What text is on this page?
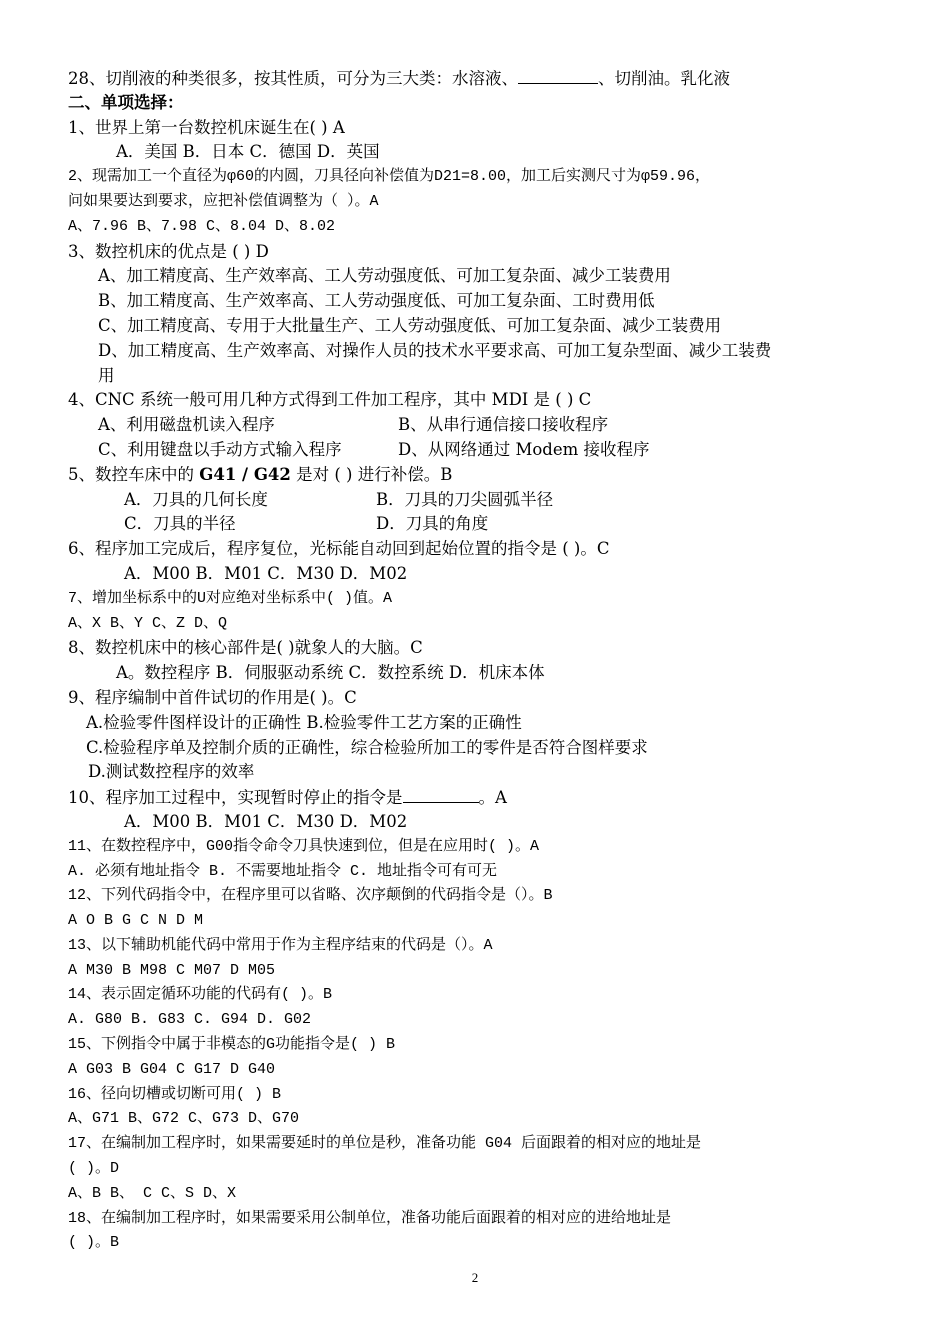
28、切削液的种类很多，按其性质，可分为三大类：水溶液、	、切削油。乳化液
二、单项选择：
1、世界上第一台数控机床诞生在( ) A
A．美国 B．日本 C．德国 D．英国
2、现需加工一个直径为φ60的内圆，刀具径向补偿值为D21=8.00，加工后实测尺寸为φ59.96，
问如果要达到要求，应把补偿值调整为（ ）。A
A、7.96 B、7.98 C、8.04 D、8.02
3、数控机床的优点是 ( ) D
A、加工精度高、生产效率高、工人劳动强度低、可加工复杂面、减少工装费用
B、加工精度高、生产效率高、工人劳动强度低、可加工复杂面、工时费用低
C、加工精度高、专用于大批量生产、工人劳动强度低、可加工复杂面、减少工装费用
D、加工精度高、生产效率高、对操作人员的技术水平要求高、可加工复杂型面、减少工装费
用
4、CNC 系统一般可用几种方式得到工件加工程序，其中 MDI 是 ( ) C
A、利用磁盘机读入程序	B、从串行通信接口接收程序
C、利用键盘以手动方式输入程序	D、从网络通过 Modem 接收程序
5、数控车床中的 G41 / G42 是对 ( ) 进行补偿。B
A．刀具的几何长度	B．刀具的刀尖圆弧半径
C．刀具的半径	D．刀具的角度
6、程序加工完成后，程序复位，光标能自动回到起始位置的指令是 ( )。C
A．M00 B．M01 C．M30 D．M02
7、增加坐标系中的U对应绝对坐标系中( )值。A
A、X B、Y C、Z D、Q
8、数控机床中的核心部件是( )就象人的大脑。C
A。数控程序 B．伺服驱动系统 C．数控系统 D．机床本体
9、程序编制中首件试切的作用是( )。C
A.检验零件图样设计的正确性 B.检验零件工艺方案的正确性
C.检验程序单及控制介质的正确性，综合检验所加工的零件是否符合图样要求
D.测试数控程序的效率
10、程序加工过程中，实现暂时停止的指令是	。A
A．M00 B．M01 C．M30 D．M02
11、在数控程序中，G00指令命令刀具快速到位，但是在应用时( )。A
A. 必须有地址指令 B. 不需要地址指令 C. 地址指令可有可无
12、下列代码指令中，在程序里可以省略、次序颠倒的代码指令是（）。B
A O B G C N D M
13、以下辅助机能代码中常用于作为主程序结束的代码是（）。A
A M30 B M98 C M07 D M05
14、表示固定循环功能的代码有( )。B
A. G80 B. G83 C. G94 D. G02
15、下例指令中属于非模态的G功能指令是( ) B
A G03 B G04 C G17 D G40
16、径向切槽或切断可用( ) B
A、G71 B、G72 C、G73 D、G70
17、在编制加工程序时，如果需要延时的单位是秒，准备功能 G04 后面跟着的相对应的地址是
( )。D
A、B B、 C C、S D、X
18、在编制加工程序时，如果需要采用公制单位，准备功能后面跟着的相对应的进给地址是
( )。B
2
